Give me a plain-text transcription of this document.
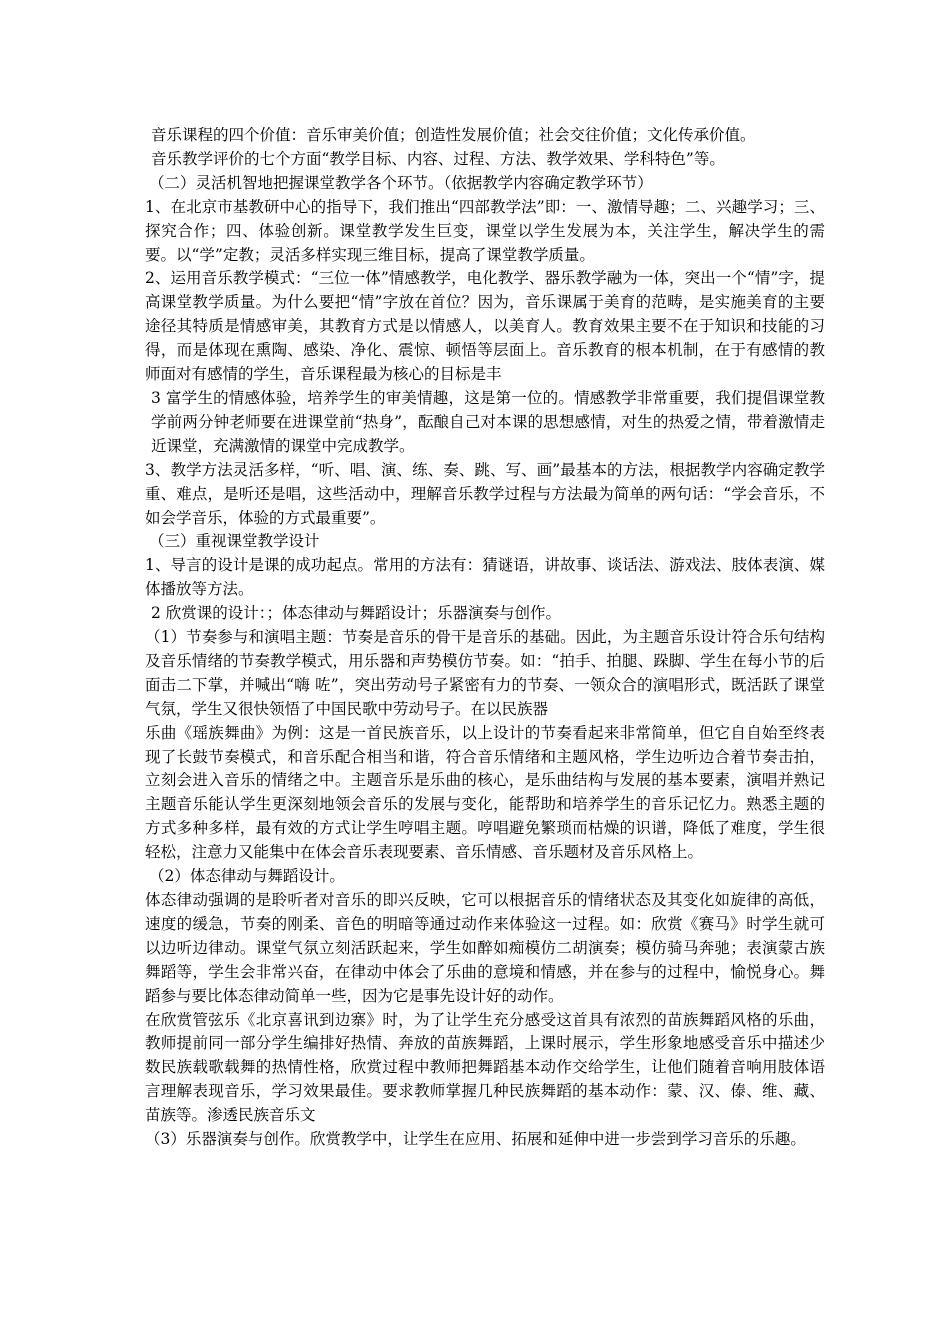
音乐课程的四个价值：音乐审美价值；创造性发展价值；社会交往价值；文化传承价值。

音乐教学评价的七个方面“教学目标、内容、过程、方法、教学效果、学科特色”等。

（二）灵活机智地把握课堂教学各个环节。（依据教学内容确定教学环节）

1、在北京市基教研中心的指导下，我们推出“四部教学法”即：一、激情导趣；二、兴趣学习；三、探究合作；四、体验创新。课堂教学发生巨变，课堂以学生发展为本，关注学生，解决学生的需要。以“学”定教；灵活多样实现三维目标，提高了课堂教学质量。

2、运用音乐教学模式：“三位一体”情感教学，电化教学、器乐教学融为一体，突出一个“情”字，提高课堂教学质量。为什么要把“情”字放在首位？因为，音乐课属于美育的范畴，是实施美育的主要途径其特质是情感审美，其教育方式是以情感人，以美育人。教育效果主要不在于知识和技能的习得，而是体现在熏陶、感染、净化、震惊、顿悟等层面上。音乐教育的根本机制，在于有感情的教师面对有感情的学生，音乐课程最为核心的目标是丰

3 富学生的情感体验，培养学生的审美情趣，这是第一位的。情感教学非常重要，我们提倡课堂教学前两分钟老师要在进课堂前“热身”，酝酿自己对本课的思想感情，对生的热爱之情，带着激情走近课堂，充满激情的课堂中完成教学。

3、教学方法灵活多样，“听、唱、演、练、奏、跳、写、画”最基本的方法，根据教学内容确定教学重、难点，是听还是唱，这些活动中，理解音乐教学过程与方法最为简单的两句话：“学会音乐，不如会学音乐，体验的方式最重要”。

（三）重视课堂教学设计

1、导言的设计是课的成功起点。常用的方法有：猜谜语，讲故事、谈话法、游戏法、肢体表演、媒体播放等方法。

2 欣赏课的设计：；体态律动与舞蹈设计；乐器演奏与创作。

（1）节奏参与和演唱主题：节奏是音乐的骨干是音乐的基础。因此，为主题音乐设计符合乐句结构及音乐情绪的节奏教学模式，用乐器和声势模仿节奏。如：“拍手、拍腿、跺脚、学生在每小节的后面击二下掌，并喊出“嗨 咗”，突出劳动号子紧密有力的节奏、一领众合的演唱形式，既活跃了课堂气氛，学生又很快领悟了中国民歌中劳动号子。在以民族器

乐曲《瑶族舞曲》为例：这是一首民族音乐，以上设计的节奏看起来非常简单，但它自自始至终表现了长鼓节奏模式，和音乐配合相当和谐，符合音乐情绪和主题风格，学生边听边合着节奏击拍，立刻会进入音乐的情绪之中。主题音乐是乐曲的核心，是乐曲结构与发展的基本要素，演唱并熟记主题音乐能认学生更深刻地领会音乐的发展与变化，能帮助和培养学生的音乐记忆力。熟悉主题的方式多种多样，最有效的方式让学生哼唱主题。哼唱避免繁琐而枯燥的识谱，降低了难度，学生很轻松，注意力又能集中在体会音乐表现要素、音乐情感、音乐题材及音乐风格上。

（2）体态律动与舞蹈设计。

体态律动强调的是聆听者对音乐的即兴反映，它可以根据音乐的情绪状态及其变化如旋律的高低，速度的缓急，节奏的刚柔、音色的明暗等通过动作来体验这一过程。如：欣赏《赛马》时学生就可以边听边律动。课堂气氛立刻活跃起来，学生如醉如痴模仿二胡演奏；模仿骑马奔驰；表演蒙古族舞蹈等，学生会非常兴奋，在律动中体会了乐曲的意境和情感，并在参与的过程中，愉悦身心。舞蹈参与要比体态律动简单一些，因为它是事先设计好的动作。

在欣赏管弦乐《北京喜讯到边寨》时，为了让学生充分感受这首具有浓烈的苗族舞蹈风格的乐曲，教师提前同一部分学生编排好热情、奔放的苗族舞蹈，上课时展示，学生形象地感受音乐中描述少数民族载歌载舞的热情性格，欣赏过程中教师把舞蹈基本动作交给学生，让他们随着音响用肢体语言理解表现音乐，学习效果最佳。要求教师掌握几种民族舞蹈的基本动作：蒙、汉、傣、维、藏、苗族等。渗透民族音乐文

（3）乐器演奏与创作。欣赏教学中，让学生在应用、拓展和延伸中进一步尝到学习音乐的乐趣。
